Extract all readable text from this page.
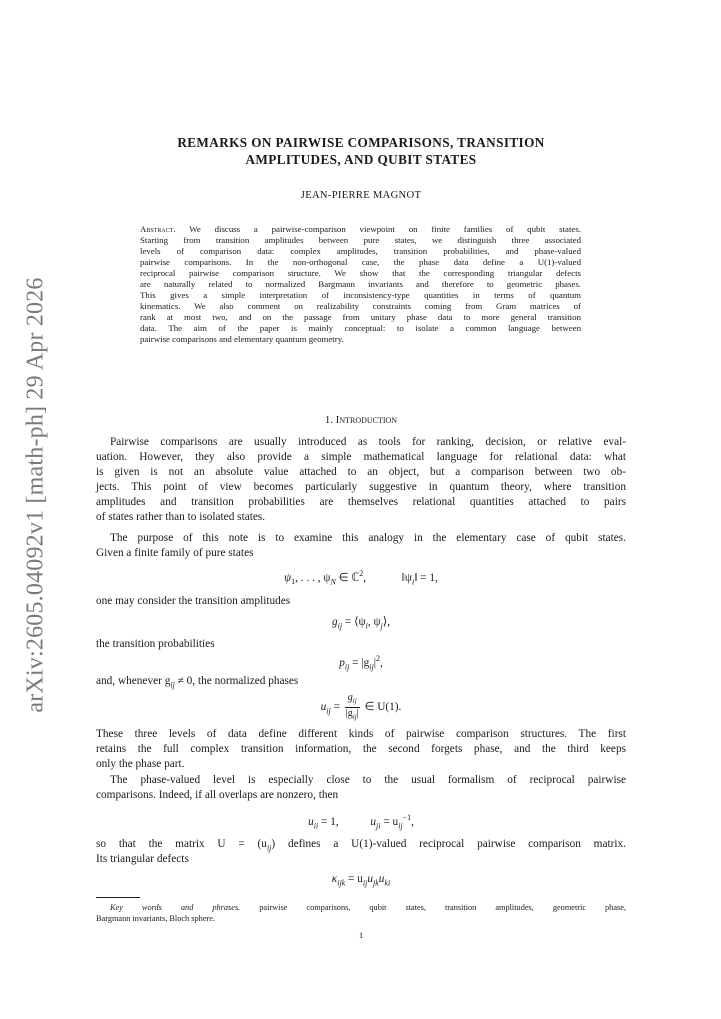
arXiv:2605.04092v1 [math-ph] 29 Apr 2026
REMARKS ON PAIRWISE COMPARISONS, TRANSITION
AMPLITUDES, AND QUBIT STATES
JEAN-PIERRE MAGNOT
Abstract. We discuss a pairwise-comparison viewpoint on finite families of qubit states.
Starting from transition amplitudes between pure states, we distinguish three associated
levels of comparison data: complex amplitudes, transition probabilities, and phase-valued
pairwise comparisons. In the non-orthogonal case, the phase data define a U(1)-valued
reciprocal pairwise comparison structure. We show that the corresponding triangular defects
are naturally related to normalized Bargmann invariants and therefore to geometric phases.
This gives a simple interpretation of inconsistency-type quantities in terms of quantum
kinematics. We also comment on realizability constraints coming from Gram matrices of
rank at most two, and on the passage from unitary phase data to more general transition
data. The aim of the paper is mainly conceptual: to isolate a common language between
pairwise comparisons and elementary quantum geometry.
1. Introduction
Pairwise comparisons are usually introduced as tools for ranking, decision, or relative eval-
uation. However, they also provide a simple mathematical language for relational data: what
is given is not an absolute value attached to an object, but a comparison between two ob-
jects. This point of view becomes particularly suggestive in quantum theory, where transition
amplitudes and transition probabilities are themselves relational quantities attached to pairs
of states rather than to isolated states.
The purpose of this note is to examine this analogy in the elementary case of qubit states.
Given a finite family of pure states
$\psi_1$, . . . , $\psi_N$ ∈ ℂ$^2$,	$‖\psi_i‖ = 1$,
one may consider the transition amplitudes
$g_{ij}$ = $⟨\psi_i$, $\psi_j⟩$,
the transition probabilities
$p_{ij} = |g_{ij}|^2$,
and, whenever $g_{ij} \ne 0$, the normalized phases
$u_{ij} = \frac{g_{ij}}{|g_{ij}|}$ ∈ U(1).
These three levels of data define different kinds of pairwise comparison structures. The first
retains the full complex transition information, the second forgets phase, and the third keeps
only the phase part.
The phase-valued level is especially close to the usual formalism of reciprocal pairwise
comparisons. Indeed, if all overlaps are nonzero, then
$u_{ii} = 1$,	$u_{ji} = u_{ij}^{-1}$,
so that the matrix $U = (u_{ij})$ defines a U(1)-valued reciprocal pairwise comparison matrix.
Its triangular defects
$\kappa_{ijk} = u_{ij}u_{jk}u_{ki}$
Key words and phrases. pairwise comparisons, qubit states, transition amplitudes, geometric phase,
Bargmann invariants, Bloch sphere.
1
